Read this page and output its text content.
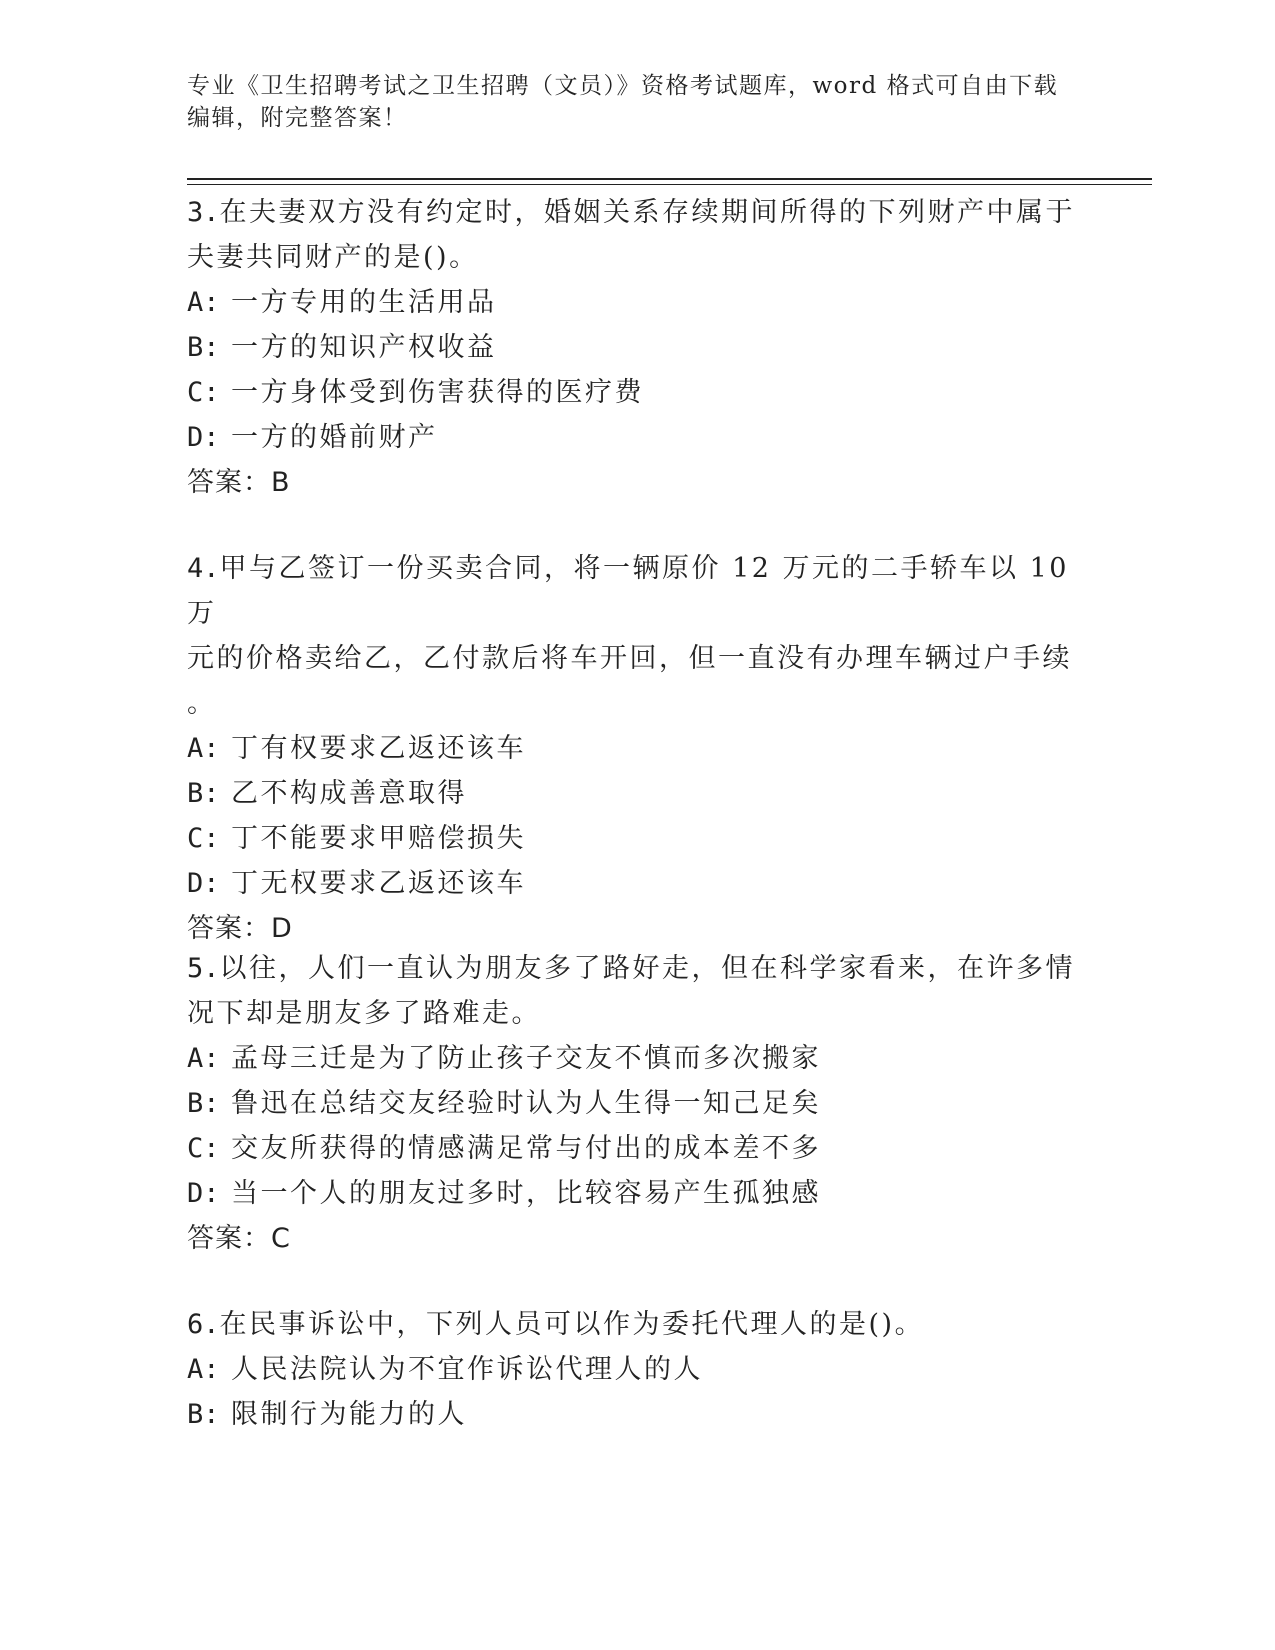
专业《卫生招聘考试之卫生招聘（文员）》资格考试题库，word 格式可自由下载
编辑，附完整答案！

3.在夫妻双方没有约定时，婚姻关系存续期间所得的下列财产中属于

夫妻共同财产的是()。

A: 一方专用的生活用品

B: 一方的知识产权收益

C: 一方身体受到伤害获得的医疗费

D: 一方的婚前财产

答案：B

4.甲与乙签订一份买卖合同，将一辆原价 12 万元的二手轿车以 10 万

元的价格卖给乙，乙付款后将车开回，但一直没有办理车辆过户手续

。

A: 丁有权要求乙返还该车

B: 乙不构成善意取得

C: 丁不能要求甲赔偿损失

D: 丁无权要求乙返还该车

答案：D

5.以往，人们一直认为朋友多了路好走，但在科学家看来，在许多情

况下却是朋友多了路难走。

A: 孟母三迁是为了防止孩子交友不慎而多次搬家

B: 鲁迅在总结交友经验时认为人生得一知己足矣

C: 交友所获得的情感满足常与付出的成本差不多

D: 当一个人的朋友过多时，比较容易产生孤独感

答案：C

6.在民事诉讼中，下列人员可以作为委托代理人的是()。

A: 人民法院认为不宜作诉讼代理人的人

B: 限制行为能力的人
